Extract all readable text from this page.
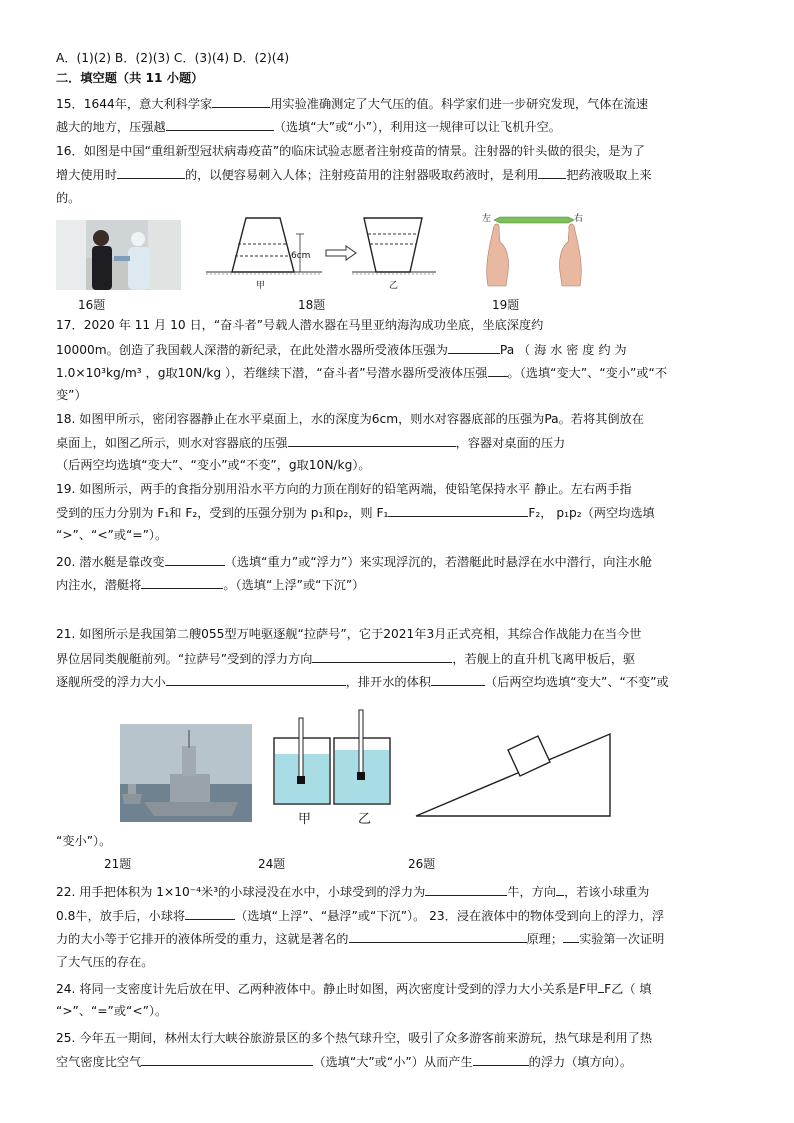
A．(1)(2) B．(2)(3) C．(3)(4) D．(2)(4)
二．填空题（共 11 小题）
15．1644年，意大利科学家	用实验准确测定了大气压的值。科学家们进一步研究发现，气体在流速
越大的地方，压强越	（选填“大”或“小”），利用这一规律可以让飞机升空。
16．如图是中国“重组新型冠状病毒疫苗”的临床试验志愿者注射疫苗的情景。注射器的针头做的很尖，是为了
增大使用时	的，以便容易刺入人体；注射疫苗用的注射器吸取药液时，是利用 把药液吸取上来
的。
6cm
甲	乙
左	右
16题	18题	19题
17．2020 年 11 月 10 日，“奋斗者”号载人潜水器在马里亚纳海沟成功坐底，坐底深度约
10000m。创造了我国载人深潜的新纪录，在此处潜水器所受液体压强为	Pa （ 海 水 密 度 约 为
1.0×10³kg/m³ ，g取10N/kg ），若继续下潜，“奋斗者”号潜水器所受液体压强 。（选填“变大”、“变小”或“不
变”）
18. 如图甲所示，密闭容器静止在水平桌面上，水的深度为6cm，则水对容器底部的压强为Pa。若将其倒放在
桌面上，如图乙所示，则水对容器底的压强	，容器对桌面的压力
（后两空均选填“变大”、“变小”或“不变”，g取10N/kg）。
19. 如图所示，两手的食指分别用沿水平方向的力顶在削好的铅笔两端，使铅笔保持水平 静止。左右两手指
受到的压力分别为 F₁和 F₂，受到的压强分别为 p₁和p₂，则 F₁	F₂， p₁p₂（两空均选填
“>”、“<”或“=”）。
20. 潜水艇是靠改变	（选填“重力”或“浮力”）来实现浮沉的，若潜艇此时悬浮在水中潜行，向注水舱
内注水，潜艇将	。（选填“上浮”或“下沉”）
21. 如图所示是我国第二艘055型万吨驱逐舰“拉萨号”，它于2021年3月正式亮相，其综合作战能力在当今世
界位居同类舰艇前列。“拉萨号”受到的浮力方向	，若舰上的直升机飞离甲板后，驱
逐舰所受的浮力大小	，排开水的体积	（后两空均选填“变大”、“不变”或
甲	乙
“变小”）。
21题	24题	26题
22. 用手把体积为 1×10⁻⁴米³的小球浸没在水中，小球受到的浮力为	牛，方向 ，若该小球重为
0.8牛，放手后，小球将	（选填“上浮”、“悬浮”或“下沉”）。 23．浸在液体中的物体受到向上的浮力，浮
力的大小等于它排开的液体所受的重力，这就是著名的	原理； 实验第一次证明
了大气压的存在。
24. 将同一支密度计先后放在甲、乙两种液体中。静止时如图，两次密度计受到的浮力大小关系是F甲 F乙（ 填
“>”、“=”或“<”）。
25. 今年五一期间，林州太行大峡谷旅游景区的多个热气球升空，吸引了众多游客前来游玩，热气球是利用了热
空气密度比空气	（选填“大”或“小”）从而产生	的浮力（填方向）。
